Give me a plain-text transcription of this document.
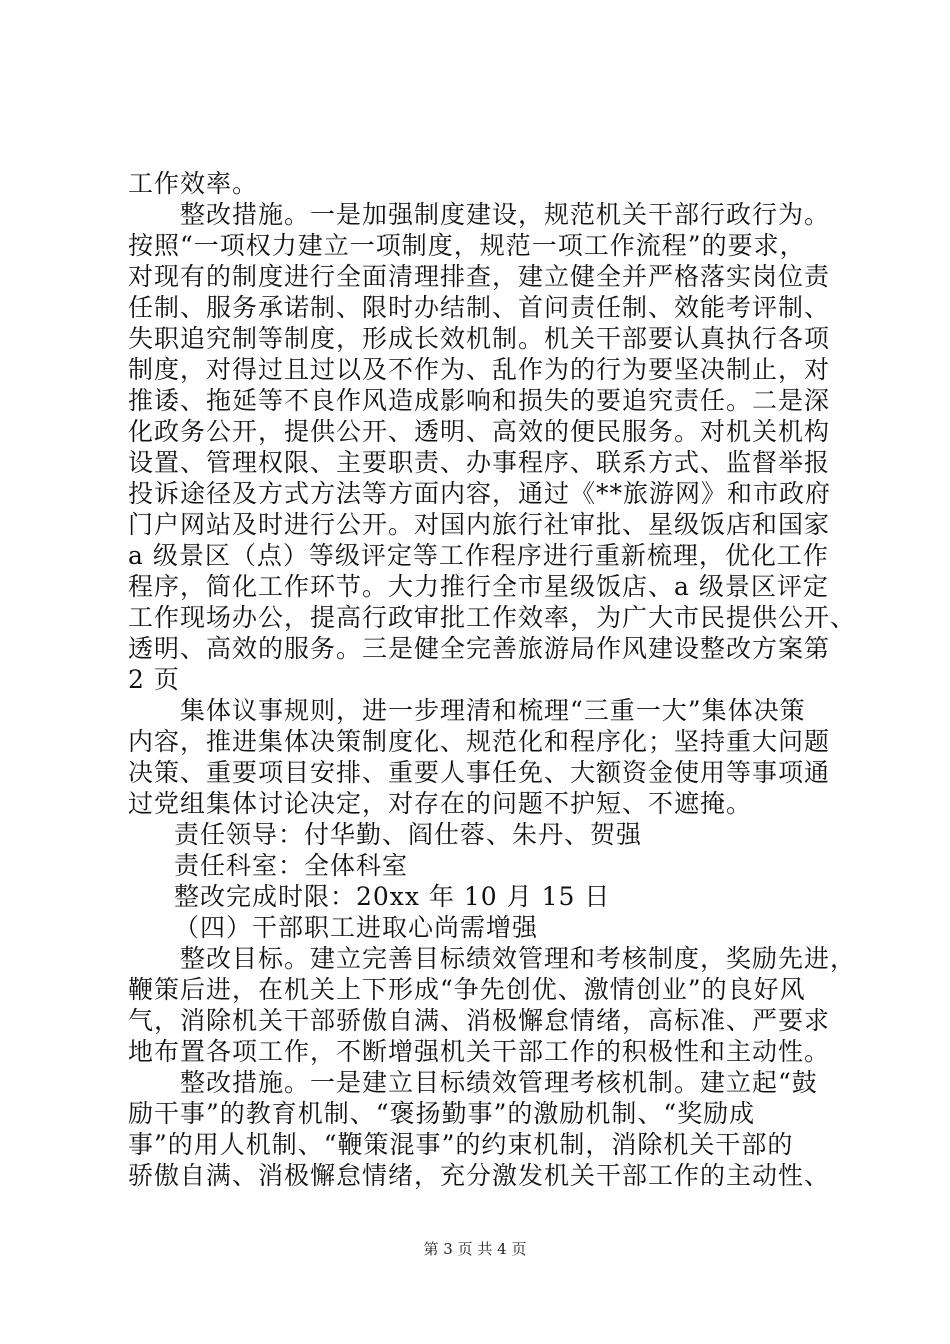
工作效率。
整改措施。一是加强制度建设，规范机关干部行政行为。
按照“一项权力建立一项制度，规范一项工作流程”的要求，
对现有的制度进行全面清理排查，建立健全并严格落实岗位责
任制、服务承诺制、限时办结制、首问责任制、效能考评制、
失职追究制等制度，形成长效机制。机关干部要认真执行各项
制度，对得过且过以及不作为、乱作为的行为要坚决制止，对
推诿、拖延等不良作风造成影响和损失的要追究责任。二是深
化政务公开，提供公开、透明、高效的便民服务。对机关机构
设置、管理权限、主要职责、办事程序、联系方式、监督举报
投诉途径及方式方法等方面内容，通过《**旅游网》和市政府
门户网站及时进行公开。对国内旅行社审批、星级饭店和国家
a 级景区（点）等级评定等工作程序进行重新梳理，优化工作
程序，简化工作环节。大力推行全市星级饭店、a 级景区评定
工作现场办公，提高行政审批工作效率，为广大市民提供公开、
透明、高效的服务。三是健全完善旅游局作风建设整改方案第
2 页
集体议事规则，进一步理清和梳理“三重一大”集体决策
内容，推进集体决策制度化、规范化和程序化；坚持重大问题
决策、重要项目安排、重要人事任免、大额资金使用等事项通
过党组集体讨论决定，对存在的问题不护短、不遮掩。
责任领导：付华勤、阎仕蓉、朱丹、贺强
责任科室：全体科室
整改完成时限：20xx 年 10 月 15 日
（四）干部职工进取心尚需增强
整改目标。建立完善目标绩效管理和考核制度，奖励先进，
鞭策后进，在机关上下形成“争先创优、激情创业”的良好风
气，消除机关干部骄傲自满、消极懈怠情绪，高标准、严要求
地布置各项工作，不断增强机关干部工作的积极性和主动性。
整改措施。一是建立目标绩效管理考核机制。建立起“鼓
励干事”的教育机制、“褒扬勤事”的激励机制、“奖励成
事”的用人机制、“鞭策混事”的约束机制，消除机关干部的
骄傲自满、消极懈怠情绪，充分激发机关干部工作的主动性、
第 3 页 共 4 页
